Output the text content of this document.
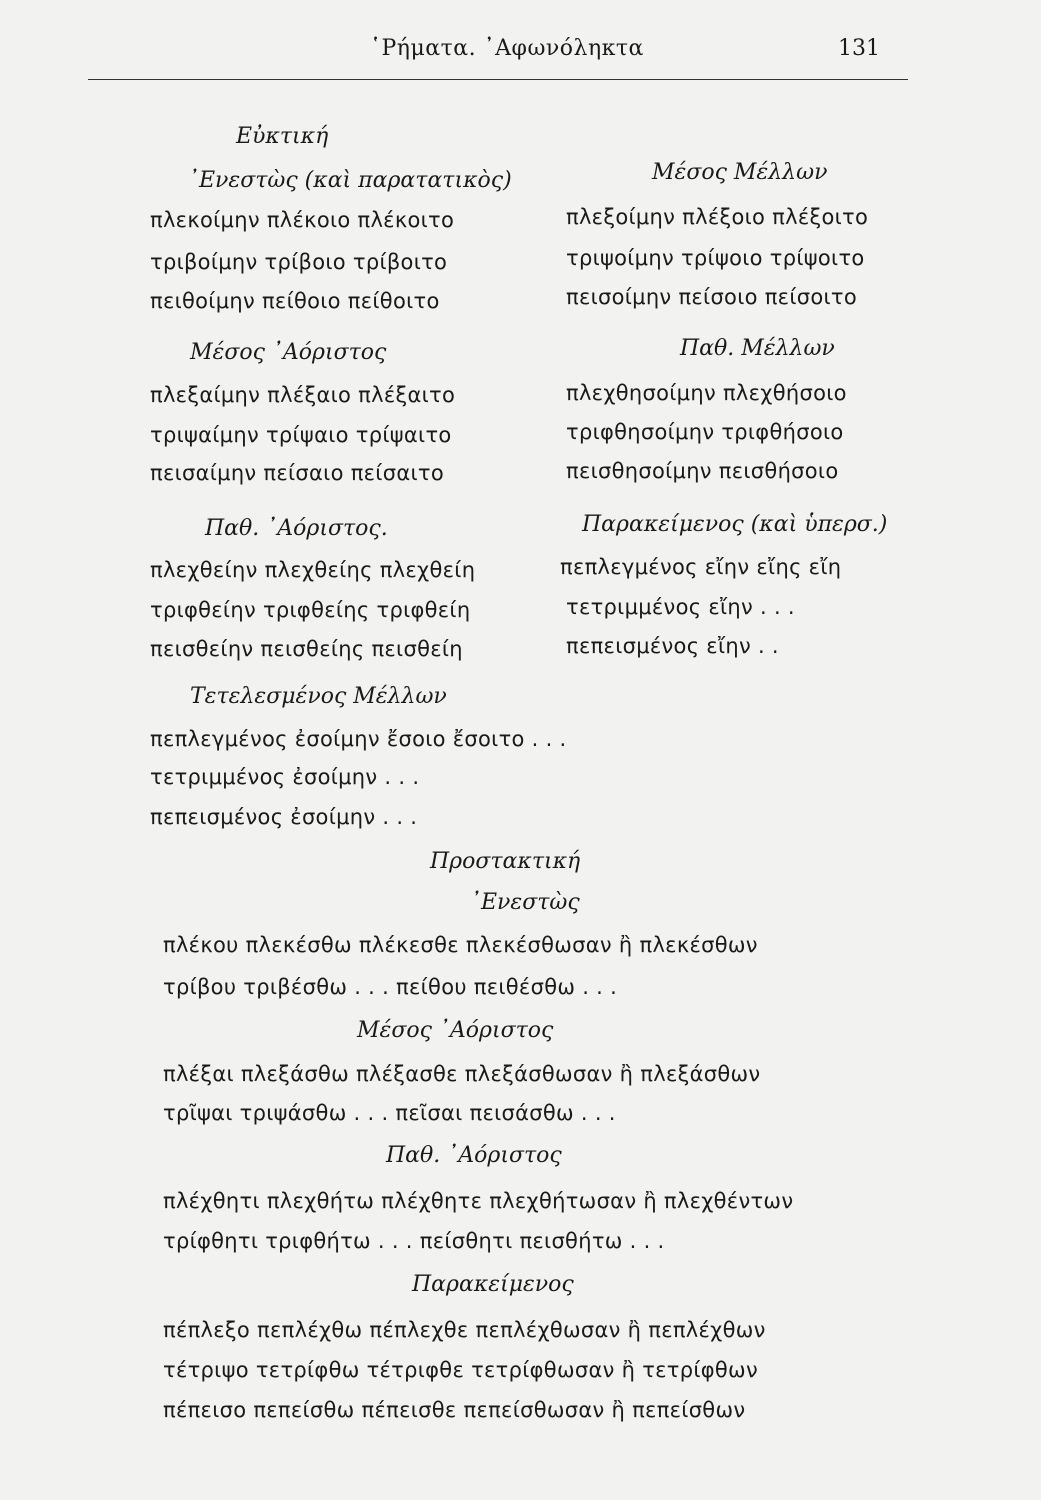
῾Ρήματα. ᾿Αφωνόληκτα	131
Εὐκτική
᾿Ενεστὼς (καὶ παρατατικὸς)
πλεκοίμην πλέκοιο πλέκοιτο
τριβοίμην τρίβοιο τρίβοιτο
πειθοίμην πείθοιο πείθοιτο
Μέσος ᾿Αόριστος
πλεξαίμην πλέξαιο πλέξαιτο
τριψαίμην τρίψαιο τρίψαιτο
πεισαίμην πείσαιο πείσαιτο
Παθ. ᾿Αόριστος.
πλεχθείην πλεχθείης πλεχθείη
τριφθείην τριφθείης τριφθείη
πεισθείην πεισθείης πεισθείη
Μέσος Μέλλων
πλεξοίμην πλέξοιο πλέξοιτο
τριψοίμην τρίψοιο τρίψοιτο
πεισοίμην πείσοιο πείσοιτο
Παθ. Μέλλων
πλεχθησοίμην πλεχθήσοιο
τριφθησοίμην τριφθήσοιο
πεισθησοίμην πεισθήσοιο
Παρακείμενος (καὶ ὑπερσ.)
πεπλεγμένος εἴην εἴης εἴη
τετριμμένος εἴην . . .
πεπεισμένος εἴην . .
Τετελεσμένος Μέλλων
πεπλεγμένος ἐσοίμην ἔσοιο ἔσοιτο . . .
τετριμμένος ἐσοίμην . . .
πεπεισμένος ἐσοίμην . . .
Προστακτική
᾿Ενεστὼς
πλέκου πλεκέσθω πλέκεσθε πλεκέσθωσαν ἢ πλεκέσθων
τρίβου τριβέσθω . . . πείθου πειθέσθω . . .
Μέσος ᾿Αόριστος
πλέξαι πλεξάσθω πλέξασθε πλεξάσθωσαν ἢ πλεξάσθων
τρῖψαι τριψάσθω . . . πεῖσαι πεισάσθω . . .
Παθ. ᾿Αόριστος
πλέχθητι πλεχθήτω πλέχθητε πλεχθήτωσαν ἢ πλεχθέντων
τρίφθητι τριφθήτω . . . πείσθητι πεισθήτω . . .
Παρακείμενος
πέπλεξο πεπλέχθω πέπλεχθε πεπλέχθωσαν ἢ πεπλέχθων
τέτριψο τετρίφθω τέτριφθε τετρίφθωσαν ἢ τετρίφθων
πέπεισο πεπείσθω πέπεισθε πεπείσθωσαν ἢ πεπείσθων
